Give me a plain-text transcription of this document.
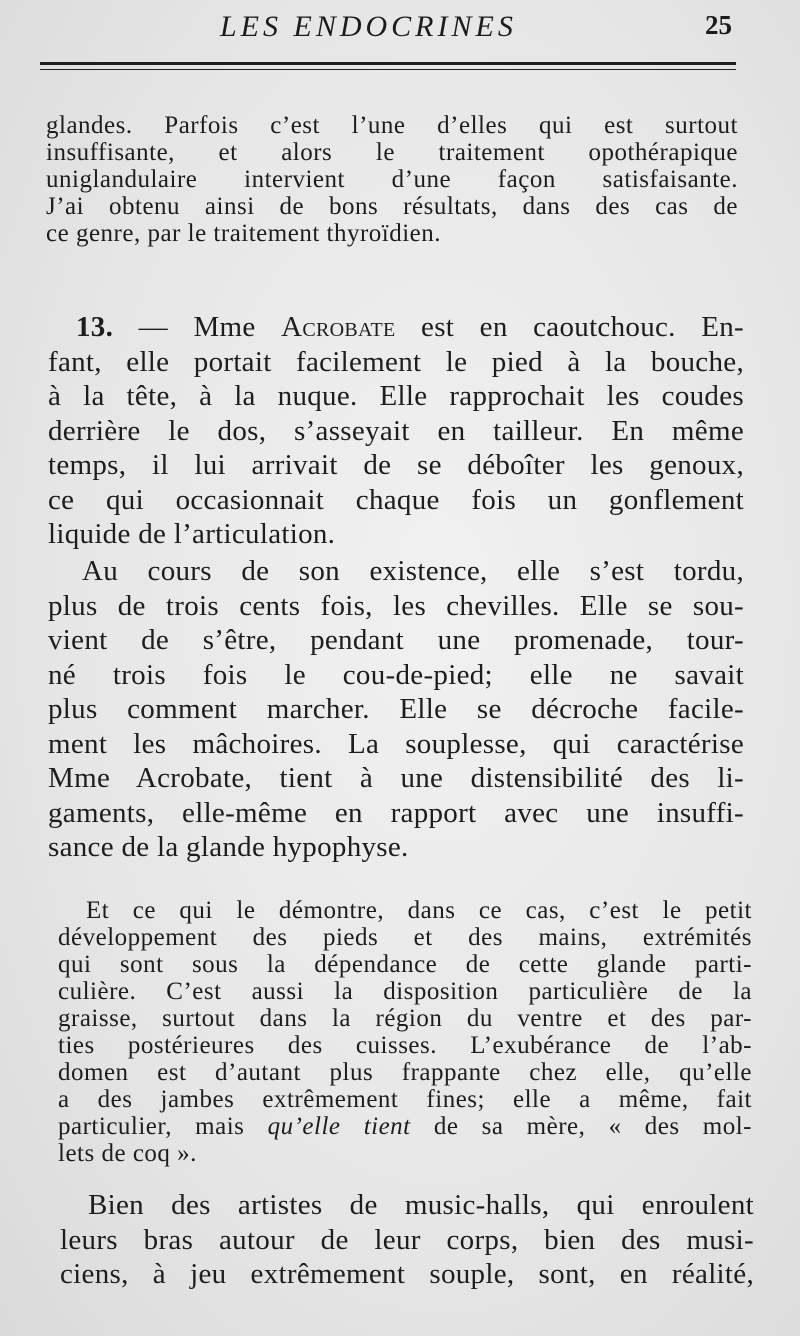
LES ENDOCRINES	25
glandes. Parfois c’est l’une d’elles qui est surtout
insuffisante, et alors le traitement opothérapique
uniglandulaire intervient d’une façon satisfaisante.
J’ai obtenu ainsi de bons résultats, dans des cas de
ce genre, par le traitement thyroïdien.
13. — Mme Acrobate est en caoutchouc. En-
fant, elle portait facilement le pied à la bouche,
à la tête, à la nuque. Elle rapprochait les coudes
derrière le dos, s’asseyait en tailleur. En même
temps, il lui arrivait de se déboîter les genoux,
ce qui occasionnait chaque fois un gonflement
liquide de l’articulation.
Au cours de son existence, elle s’est tordu,
plus de trois cents fois, les chevilles. Elle se sou-
vient de s’être, pendant une promenade, tour-
né trois fois le cou-de-pied; elle ne savait
plus comment marcher. Elle se décroche facile-
ment les mâchoires. La souplesse, qui caractérise
Mme Acrobate, tient à une distensibilité des li-
gaments, elle-même en rapport avec une insuffi-
sance de la glande hypophyse.
Et ce qui le démontre, dans ce cas, c’est le petit
développement des pieds et des mains, extrémités
qui sont sous la dépendance de cette glande parti-
culière. C’est aussi la disposition particulière de la
graisse, surtout dans la région du ventre et des par-
ties postérieures des cuisses. L’exubérance de l’ab-
domen est d’autant plus frappante chez elle, qu’elle
a des jambes extrêmement fines; elle a même, fait
particulier, mais qu’elle tient de sa mère, « des mol-
lets de coq ».
Bien des artistes de music-halls, qui enroulent
leurs bras autour de leur corps, bien des musi-
ciens, à jeu extrêmement souple, sont, en réalité,
